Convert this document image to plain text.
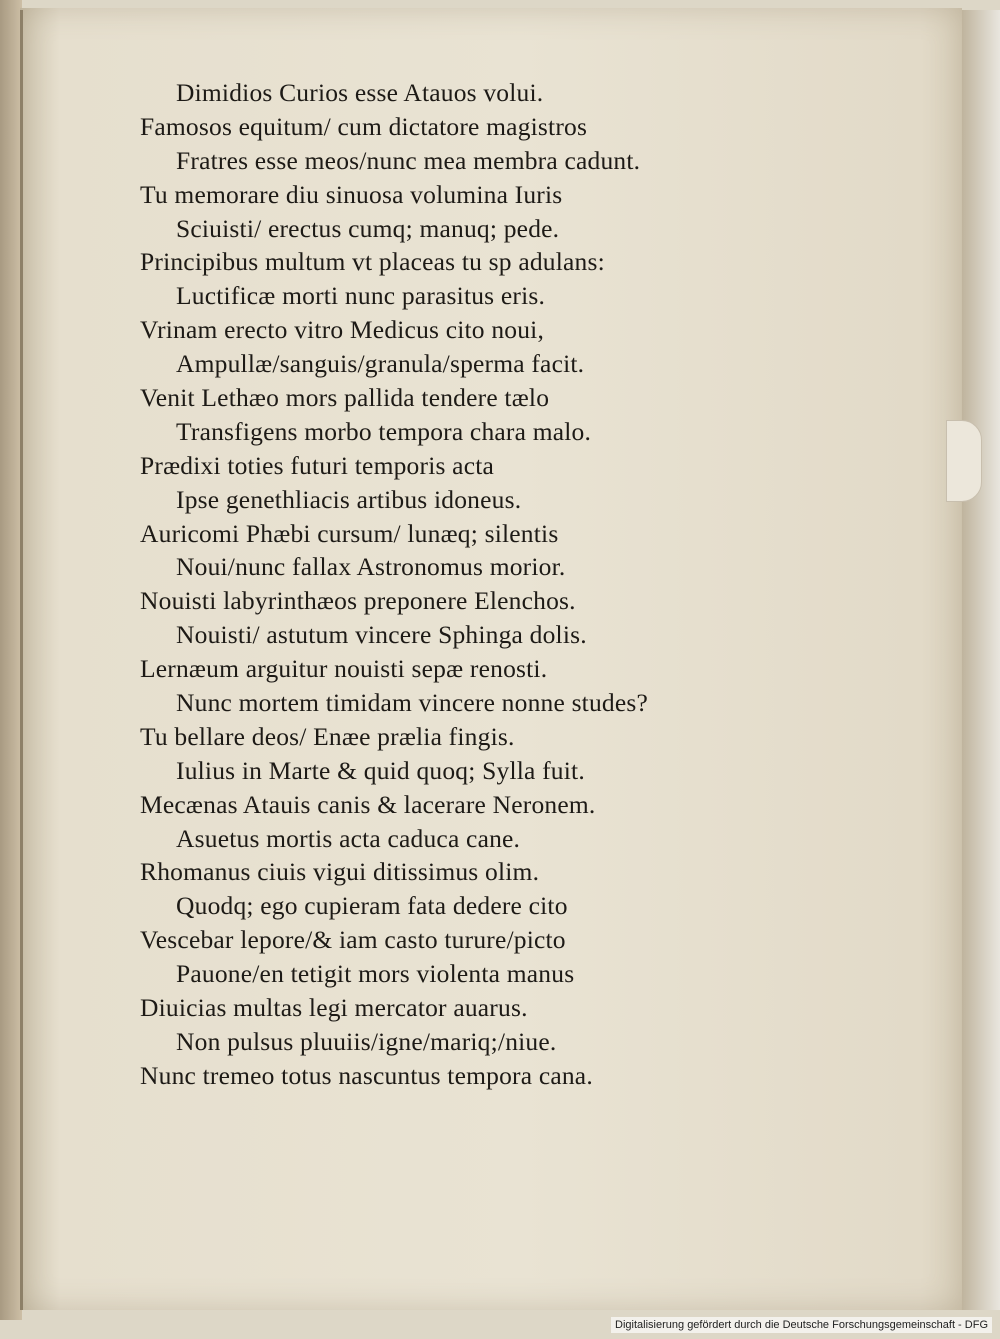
Dimidios Curios esse Atauos volui.
Famosos equitum/ cum dictatore magistros
Fratres esse meos/nunc mea membra cadunt.
Tu memorare diu sinuosa volumina Iuris
Sciuisti/ erectus cumq; manuq; pede.
Principibus multum vt placeas tu sp adulans:
Luctificæ morti nunc parasitus eris.
Vrinam erecto vitro Medicus cito noui,
Ampullæ/sanguis/granula/sperma facit.
Venit Lethæo mors pallida tendere tælo
Transfigens morbo tempora chara malo.
Prædixi toties futuri temporis acta
Ipse genethliacis artibus idoneus.
Auricomi Phæbi cursum/ lunæq; silentis
Noui/nunc fallax Astronomus morior.
Nouisti labyrinthæos preponere Elenchos.
Nouisti/ astutum vincere Sphinga dolis.
Lernæum arguitur nouisti sepæ renosti.
Nunc mortem timidam vincere nonne studes?
Tu bellare deos/ Enæe prælia fingis.
Iulius in Marte & quid quoq; Sylla fuit.
Mecænas Atauis canis & lacerare Neronem.
Asuetus mortis acta caduca cane.
Rhomanus ciuis vigui ditissimus olim.
Quodq; ego cupieram fata dedere cito
Vescebar lepore/& iam casto turure/picto
Pauone/en tetigit mors violenta manus
Diuicias multas legi mercator auarus.
Non pulsus pluuiis/igne/mariq;/niue.
Nunc tremeo totus nascuntus tempora cana.
Digitalisierung gefördert durch die Deutsche Forschungsgemeinschaft - DFG
